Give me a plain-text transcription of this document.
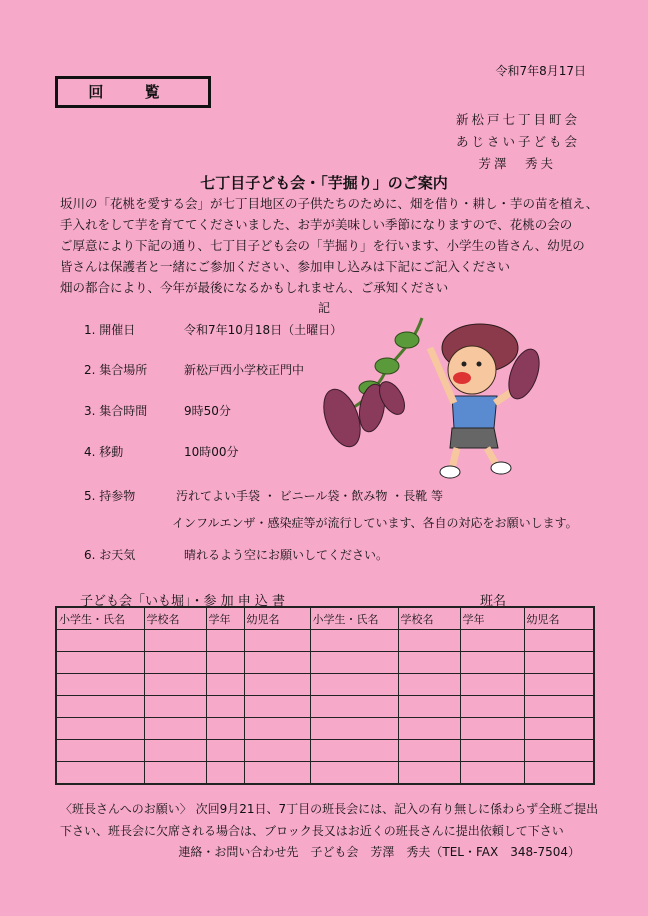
令和7年8月17日
回 覧
新松戸七丁目町会
あじさい子ども会
芳澤　秀夫
七丁目子ども会・「芋掘り」のご案内
坂川の「花桃を愛する会」が七丁目地区の子供たちのために、畑を借り・耕し・芋の苗を植え、
手入れをして芋を育ててくださいました、お芋が美味しい季節になりますので、花桃の会の
ご厚意により下記の通り、七丁目子ども会の「芋掘り」を行います、小学生の皆さん、幼児の
皆さんは保護者と一緒にご参加ください、参加申し込みは下記にご記入ください
畑の都合により、今年が最後になるかもしれません、ご承知ください
記
1. 開催日	令和7年10月18日（土曜日）
2. 集合場所	新松戸西小学校正門中
3. 集合時間	9時50分
4. 移動	10時00分
5. 持参物	汚れてよい手袋 ・ ビニール袋・飲み物 ・長靴 等
インフルエンザ・感染症等が流行しています、各自の対応をお願いします。
6. お天気	晴れるよう空にお願いしてください。
子ども会「いも堀」・参 加 申 込 書	班名
小学生・氏名	学校名	学年	幼児名	小学生・氏名	学校名	学年	幼児名

〈班長さんへのお願い〉 次回9月21日、7丁目の班長会には、記入の有り無しに係わらず全班ご提出
下さい、班長会に欠席される場合は、ブロック長又はお近くの班長さんに提出依頼して下さい
連絡・お問い合わせ先　子ども会　芳澤　秀夫（TEL・FAX　348-7504）
